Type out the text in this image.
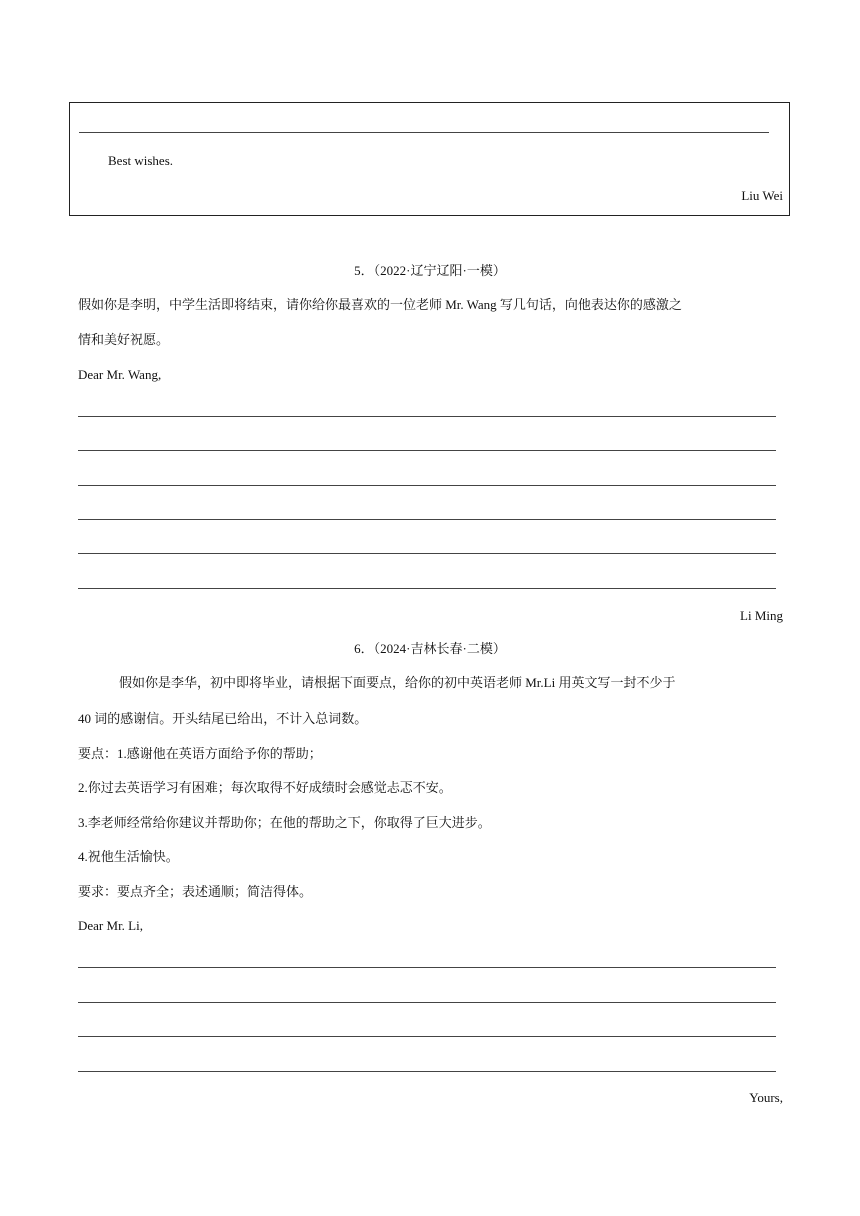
Best wishes.
Liu Wei
5．（2022·辽宁辽阳·一模）
假如你是李明，中学生活即将结束，请你给你最喜欢的一位老师 Mr. Wang 写几句话，向他表达你的感激之
情和美好祝愿。
Dear Mr. Wang,
Li Ming
6．（2024·吉林长春·二模）
假如你是李华，初中即将毕业，请根据下面要点，给你的初中英语老师 Mr.Li 用英文写一封不少于
40 词的感谢信。开头结尾已给出，不计入总词数。
要点：1.感谢他在英语方面给予你的帮助；
2.你过去英语学习有困难；每次取得不好成绩时会感觉忐忑不安。
3.李老师经常给你建议并帮助你；在他的帮助之下，你取得了巨大进步。
4.祝他生活愉快。
要求：要点齐全；表述通顺；简洁得体。
Dear Mr. Li,
Yours,
